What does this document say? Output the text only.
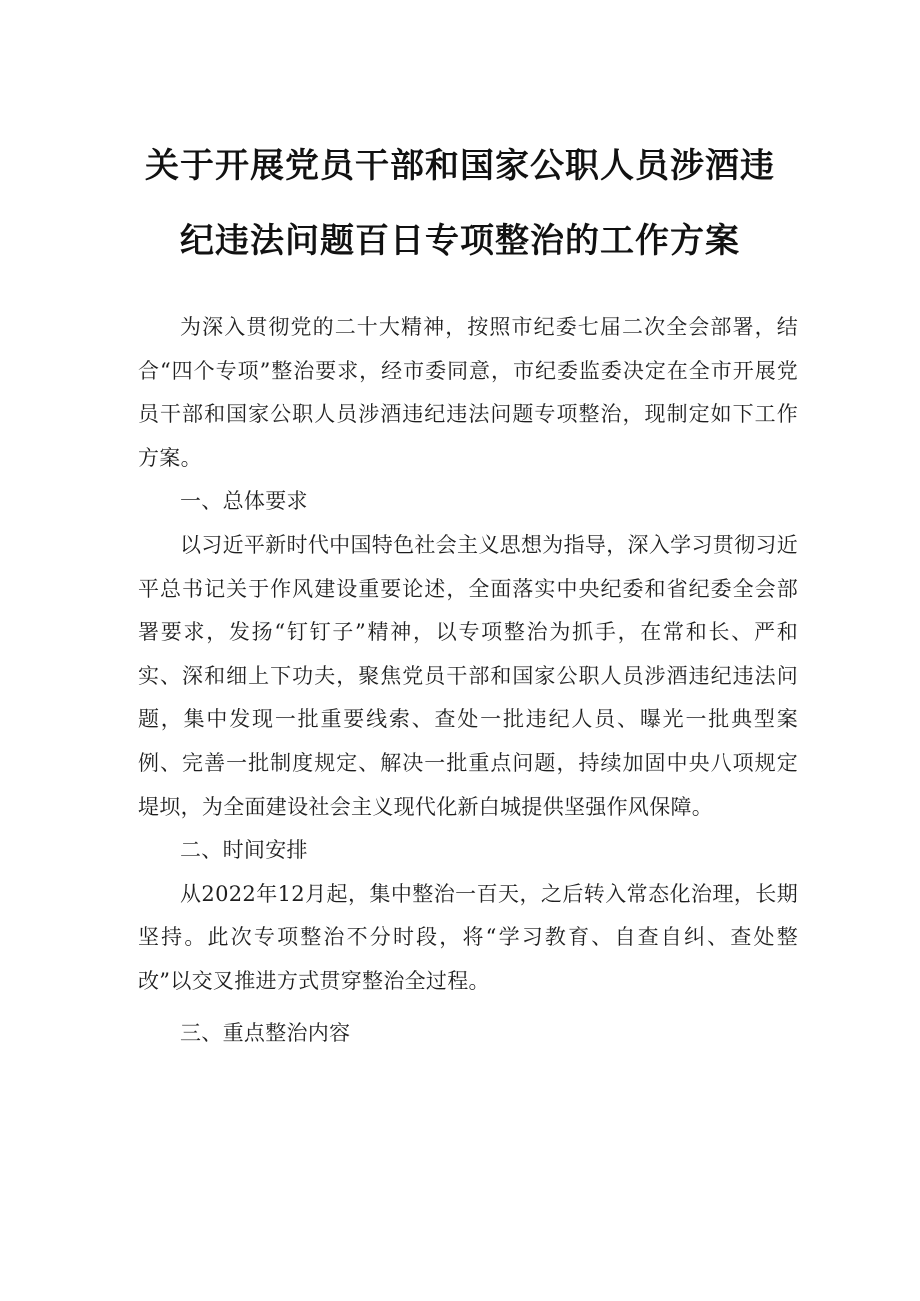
关于开展党员干部和国家公职人员涉酒违
纪违法问题百日专项整治的工作方案

为深入贯彻党的二十大精神，按照市纪委七届二次全会部署，结合“四个专项”整治要求，经市委同意，市纪委监委决定在全市开展党员干部和国家公职人员涉酒违纪违法问题专项整治，现制定如下工作方案。

一、总体要求

以习近平新时代中国特色社会主义思想为指导，深入学习贯彻习近平总书记关于作风建设重要论述，全面落实中央纪委和省纪委全会部署要求，发扬“钉钉子”精神，以专项整治为抓手，在常和长、严和实、深和细上下功夫，聚焦党员干部和国家公职人员涉酒违纪违法问题，集中发现一批重要线索、查处一批违纪人员、曝光一批典型案例、完善一批制度规定、解决一批重点问题，持续加固中央八项规定堤坝，为全面建设社会主义现代化新白城提供坚强作风保障。

二、时间安排

从2022年12月起，集中整治一百天，之后转入常态化治理，长期坚持。此次专项整治不分时段，将“学习教育、自查自纠、查处整改”以交叉推进方式贯穿整治全过程。

三、重点整治内容
